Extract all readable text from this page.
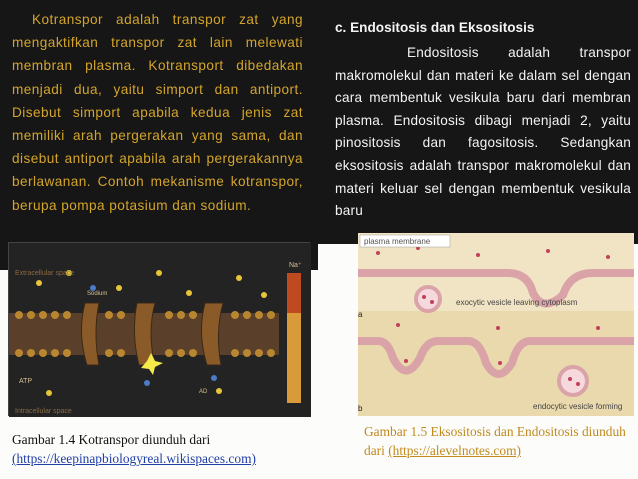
Kotranspor adalah transpor zat yang mengaktifkan transpor zat lain melewati membran plasma. Kotransport dibedakan menjadi dua, yaitu simport dan antiport. Disebut simport apabila kedua jenis zat memiliki arah pergerakan yang sama, dan disebut antiport apabila arah pergerakannya berlawanan. Contoh mekanisme kotranspor, berupa pompa potasium dan sodium.

c. Endositosis dan Eksositosis

Endositosis adalah transpor makromolekul dan materi ke dalam sel dengan cara membentuk vesikula baru dari membran plasma. Endositosis dibagi menjadi 2, yaitu pinositosis dan fagositosis. Sedangkan eksositosis adalah transpor makromolekul dan materi keluar sel dengan membentuk vesikula baru

Extracellular space
Intracellular space
Na⁺
Sodium
ATP
AD
plasma membrane
exocytic vesicle leaving cytoplasm
a
b	endocytic vesicle forming
Gambar 1.4 Kotranspor diunduh dari
(https://keepinapbiologyreal.wikispaces.com)
Gambar 1.5 Eksositosis dan Endositosis diunduh dari (https://alevelnotes.com)
